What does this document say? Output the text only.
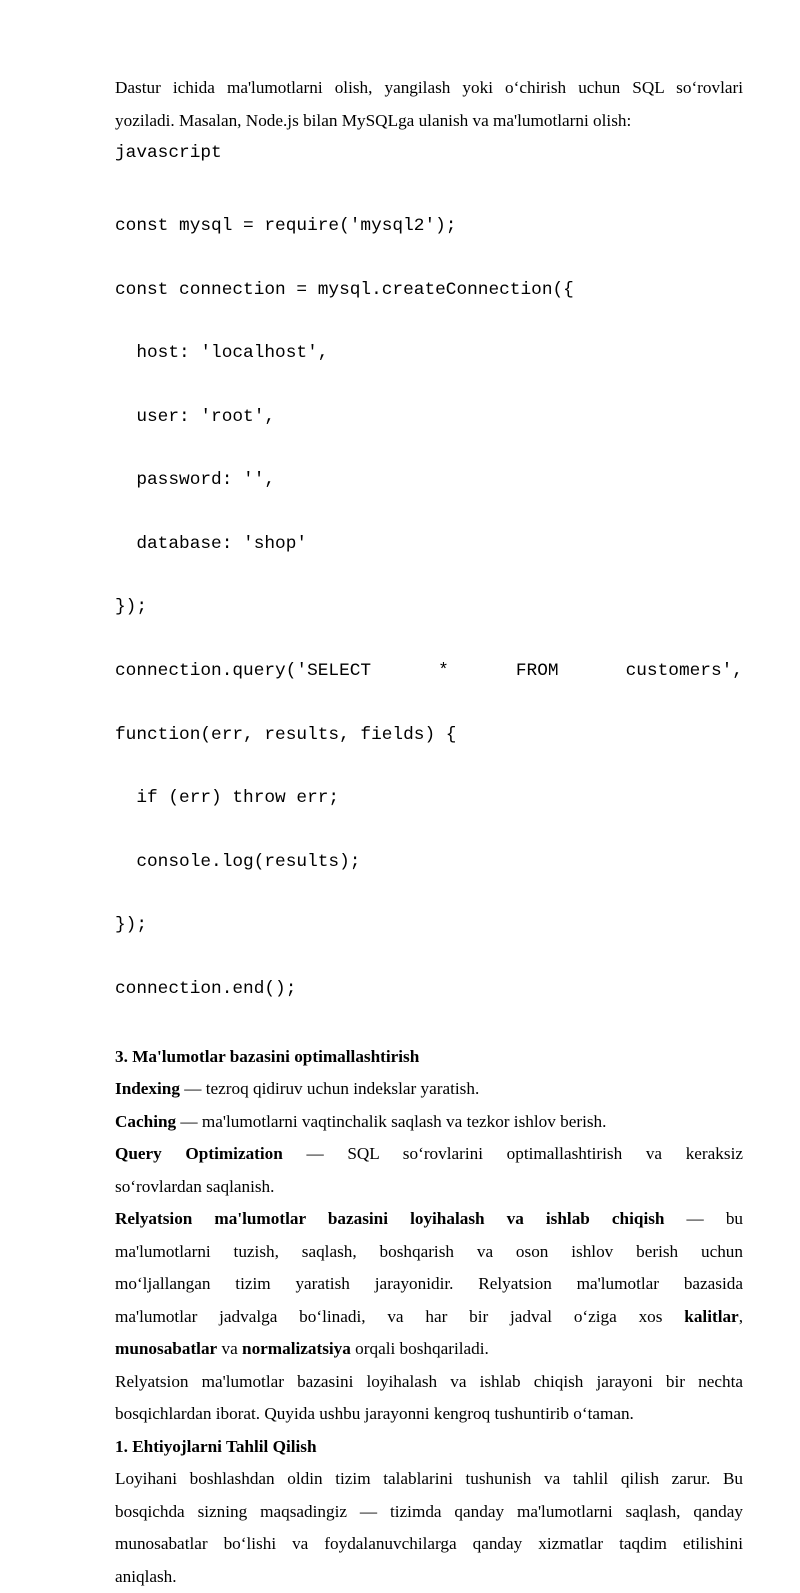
Dastur ichida ma'lumotlarni olish, yangilash yoki o‘chirish uchun SQL so‘rovlari

yoziladi. Masalan, Node.js bilan MySQLga ulanish va ma'lumotlarni olish:

javascript

const mysql = require('mysql2');

const connection = mysql.createConnection({

host: 'localhost',

user: 'root',

password: '',

database: 'shop'

});

connection.query('SELECT	*	FROM	customers',

function(err, results, fields) {

if (err) throw err;

console.log(results);

});

connection.end();

3. Ma'lumotlar bazasini optimallashtirish

Indexing — tezroq qidiruv uchun indekslar yaratish.

Caching — ma'lumotlarni vaqtinchalik saqlash va tezkor ishlov berish.

Query Optimization — SQL so‘rovlarini optimallashtirish va keraksiz

so‘rovlardan saqlanish.

Relyatsion ma'lumotlar bazasini loyihalash va ishlab chiqish — bu

ma'lumotlarni tuzish, saqlash, boshqarish va oson ishlov berish uchun

mo‘ljallangan tizim yaratish jarayonidir. Relyatsion ma'lumotlar bazasida

ma'lumotlar jadvalga bo‘linadi, va har bir jadval o‘ziga xos kalitlar,

munosabatlar va normalizatsiya orqali boshqariladi.

Relyatsion ma'lumotlar bazasini loyihalash va ishlab chiqish jarayoni bir nechta

bosqichlardan iborat. Quyida ushbu jarayonni kengroq tushuntirib o‘taman.

1. Ehtiyojlarni Tahlil Qilish

Loyihani boshlashdan oldin tizim talablarini tushunish va tahlil qilish zarur. Bu

bosqichda sizning maqsadingiz — tizimda qanday ma'lumotlarni saqlash, qanday

munosabatlar bo‘lishi va foydalanuvchilarga qanday xizmatlar taqdim etilishini

aniqlash.
